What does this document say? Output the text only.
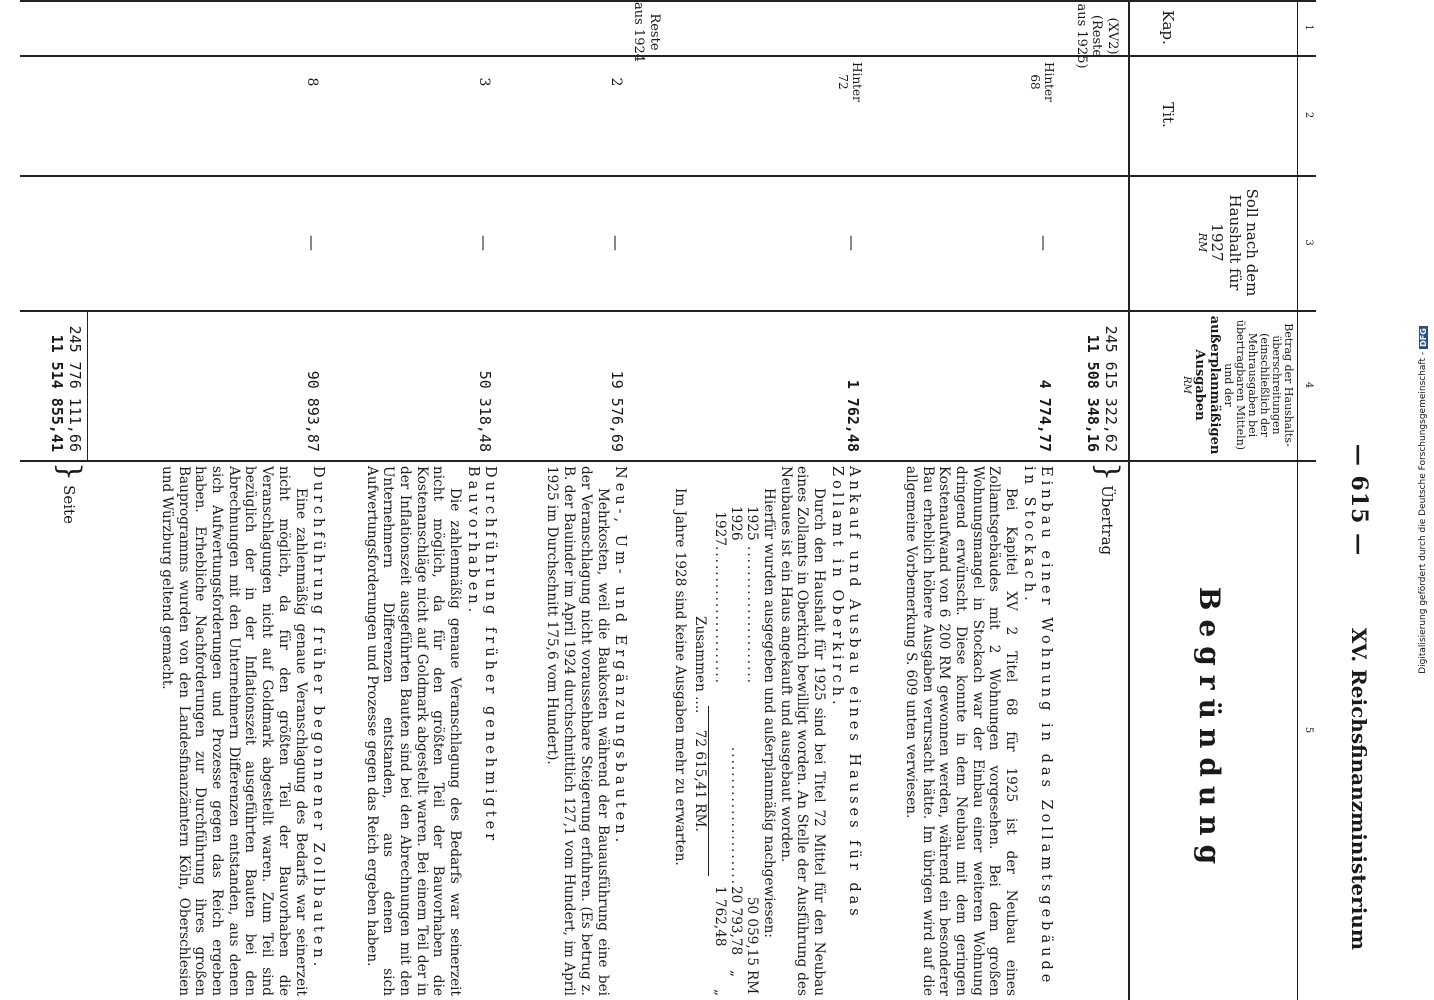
Digitalisierung gefördert durch die Deutsche Forschungsgemeinschaft -
DFG
— 615 —
XV. Reichsfinanzministerium
1
2
3
4
5
Kap.
Tit.
Soll nach dem Haushalt für 1927
RM
Betrag der Haushalts-überschreitungen (einschließlich der Mehrausgaben bei übertragbaren Mitteln) und der
außerplanmäßigen Ausgaben
RM
Begründung
(XV2) (Reste aus 1925)
245 615 322,62
11 508 348,16
}
Übertrag
Hinter 68
—
4 774,77
Einbau einer Wohnung in das Zollamtsgebäude in Stockach.
Bei Kapitel XV 2 Titel 68 für 1925 ist der Neubau eines Zollamtsgebäudes mit 2 Wohnungen vorgesehen. Bei dem großen Wohnungsmangel in Stockach war der Einbau einer weiteren Wohnung dringend erwünscht. Diese konnte in dem Neubau mit dem geringen Kostenaufwand von 6 200 RM gewonnen werden, während ein besonderer Bau erheblich höhere Ausgaben verursacht hätte. Im übrigen wird auf die allgemeine Vorbemerkung S. 609 unten verwiesen.
Hinter 72
—
1 762,48
Ankauf und Ausbau eines Hauses für das Zollamt in Oberkirch.
Durch den Haushalt für 1925 sind bei Titel 72 Mittel für den Neubau eines Zollamts in Oberkirch bewilligt worden. An Stelle der Ausführung des Neubaues ist ein Haus angekauft und ausgebaut worden.
Hierfür wurden ausgegeben und außerplanmäßig nachgewiesen:
1925
......................
50 059,15
RM
1926
......................
20 793,78
„
1927
......................
1 762,48
„
Zusammen .... 72 615,41 RM.
Im Jahre 1928 sind keine Ausgaben mehr zu erwarten.
Reste aus 1924
2
—
19 576,69
Neu-, Um- und Ergänzungsbauten.
Mehrkosten, weil die Baukosten während der Bauausführung eine bei der Veranschlagung nicht voraussehbare Steigerung erfuhren. (Es betrug z. B. der Bauinder im April 1924 durchschnittlich 127,1 vom Hundert, im April 1925 im Durchschnitt 175,6 vom Hundert).
3
—
50 318,48
Durchführung früher genehmigter Bauvorhaben.
Die zahlenmäßig genaue Veranschlagung des Bedarfs war seinerzeit nicht möglich, da für den größten Teil der Bauvorhaben die Kostenanschläge nicht auf Goldmark abgestellt waren. Bei einem Teil der in der Inflationszeit ausgeführten Bauten sind bei den Abrechnungen mit den Unternehmern Differenzen entstanden, aus denen sich Aufwertungsforderungen und Prozesse gegen das Reich ergeben haben.
8
—
90 893,87
Durchführung früher begonnener Zollbauten.
Eine zahlenmäßig genaue Veranschlagung des Bedarfs war seinerzeit nicht möglich, da für den größten Teil der Bauvorhaben die Veranschlagungen nicht auf Goldmark abgestellt waren. Zum Teil sind bezüglich der in der Inflationszeit ausgeführten Bauten bei den Abrechnungen mit den Unternehmern Differenzen entstanden, aus denen sich Aufwertungsforderungen und Prozesse gegen das Reich ergeben haben. Erhebliche Nachforderungen zur Durchführung ihres großen Bauprogramms wurden von den Landesfinanzämtern Köln, Oberschlesien und Würzburg geltend gemacht.
245 776 111,66
11 514 855,41
}
Seite
